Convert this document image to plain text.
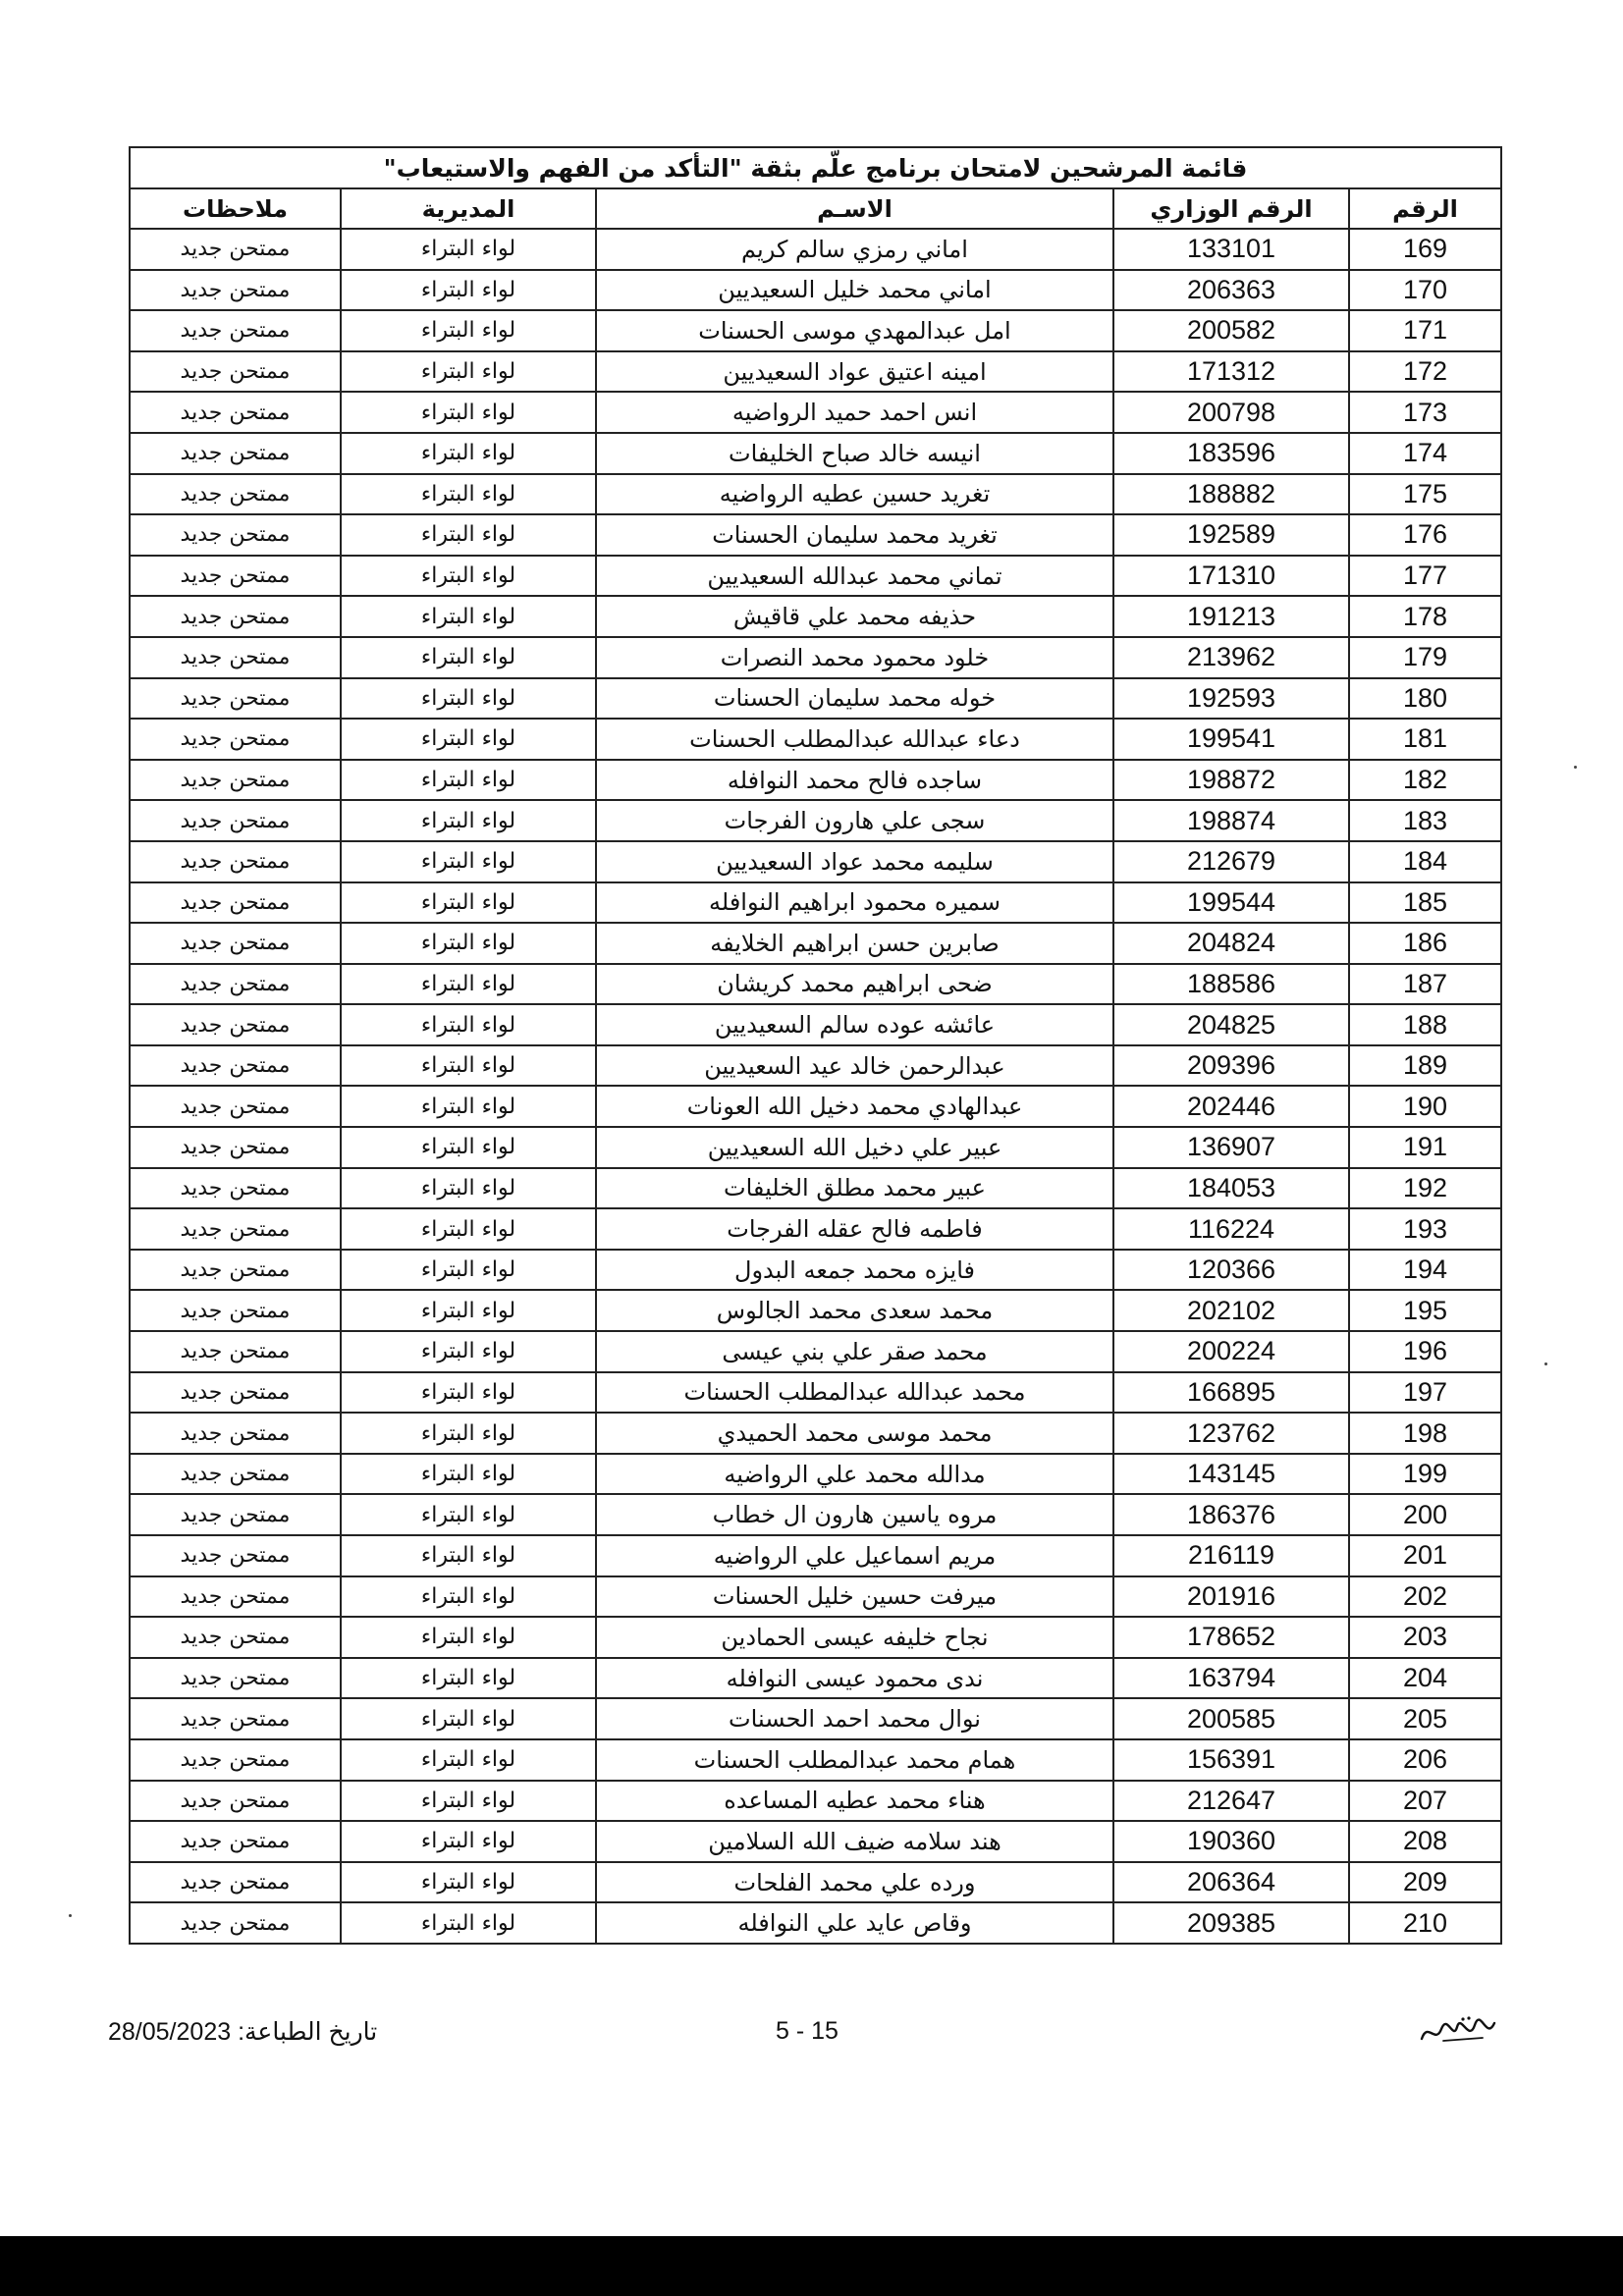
قائمة المرشحين لامتحان برنامج علّم بثقة "التأكد من الفهم والاستيعاب"				
الرقم	الرقم الوزاري	الاسـم	المديرية	ملاحظات
169	133101	اماني رمزي سالم كريم	لواء البتراء	ممتحن جديد
170	206363	اماني محمد خليل السعيديين	لواء البتراء	ممتحن جديد
171	200582	امل عبدالمهدي موسى الحسنات	لواء البتراء	ممتحن جديد
172	171312	امينه اعتيق عواد السعيديين	لواء البتراء	ممتحن جديد
173	200798	انس احمد حميد الرواضيه	لواء البتراء	ممتحن جديد
174	183596	انيسه خالد صباح الخليفات	لواء البتراء	ممتحن جديد
175	188882	تغريد حسين عطيه الرواضيه	لواء البتراء	ممتحن جديد
176	192589	تغريد محمد سليمان الحسنات	لواء البتراء	ممتحن جديد
177	171310	تماني محمد عبدالله السعيديين	لواء البتراء	ممتحن جديد
178	191213	حذيفه محمد علي قاقيش	لواء البتراء	ممتحن جديد
179	213962	خلود محمود محمد النصرات	لواء البتراء	ممتحن جديد
180	192593	خوله محمد سليمان الحسنات	لواء البتراء	ممتحن جديد
181	199541	دعاء عبدالله عبدالمطلب الحسنات	لواء البتراء	ممتحن جديد
182	198872	ساجده فالح محمد النوافله	لواء البتراء	ممتحن جديد
183	198874	سجى علي هارون الفرجات	لواء البتراء	ممتحن جديد
184	212679	سليمه محمد عواد السعيديين	لواء البتراء	ممتحن جديد
185	199544	سميره محمود ابراهيم النوافله	لواء البتراء	ممتحن جديد
186	204824	صابرين حسن ابراهيم الخلايفه	لواء البتراء	ممتحن جديد
187	188586	ضحى ابراهيم محمد كريشان	لواء البتراء	ممتحن جديد
188	204825	عائشه عوده سالم السعيديين	لواء البتراء	ممتحن جديد
189	209396	عبدالرحمن خالد عيد السعيديين	لواء البتراء	ممتحن جديد
190	202446	عبدالهادي محمد دخيل الله العونات	لواء البتراء	ممتحن جديد
191	136907	عبير علي دخيل الله السعيديين	لواء البتراء	ممتحن جديد
192	184053	عبير محمد مطلق الخليفات	لواء البتراء	ممتحن جديد
193	116224	فاطمه فالح عقله الفرجات	لواء البتراء	ممتحن جديد
194	120366	فايزه محمد جمعه البدول	لواء البتراء	ممتحن جديد
195	202102	محمد سعدى محمد الجالوس	لواء البتراء	ممتحن جديد
196	200224	محمد صقر علي بني عيسى	لواء البتراء	ممتحن جديد
197	166895	محمد عبدالله عبدالمطلب الحسنات	لواء البتراء	ممتحن جديد
198	123762	محمد موسى محمد الحميدي	لواء البتراء	ممتحن جديد
199	143145	مدالله محمد علي الرواضيه	لواء البتراء	ممتحن جديد
200	186376	مروه ياسين هارون ال خطاب	لواء البتراء	ممتحن جديد
201	216119	مريم اسماعيل علي الرواضيه	لواء البتراء	ممتحن جديد
202	201916	ميرفت حسين خليل الحسنات	لواء البتراء	ممتحن جديد
203	178652	نجاح خليفه عيسى الحمادين	لواء البتراء	ممتحن جديد
204	163794	ندى محمود عيسى النوافله	لواء البتراء	ممتحن جديد
205	200585	نوال محمد احمد الحسنات	لواء البتراء	ممتحن جديد
206	156391	همام محمد عبدالمطلب الحسنات	لواء البتراء	ممتحن جديد
207	212647	هناء محمد عطيه المساعده	لواء البتراء	ممتحن جديد
208	190360	هند سلامه ضيف الله السلامين	لواء البتراء	ممتحن جديد
209	206364	ورده علي محمد الفلحات	لواء البتراء	ممتحن جديد
210	209385	وقاص عايد علي النوافله	لواء البتراء	ممتحن جديد
تاريخ الطباعة: 28/05/2023	5 - 15
